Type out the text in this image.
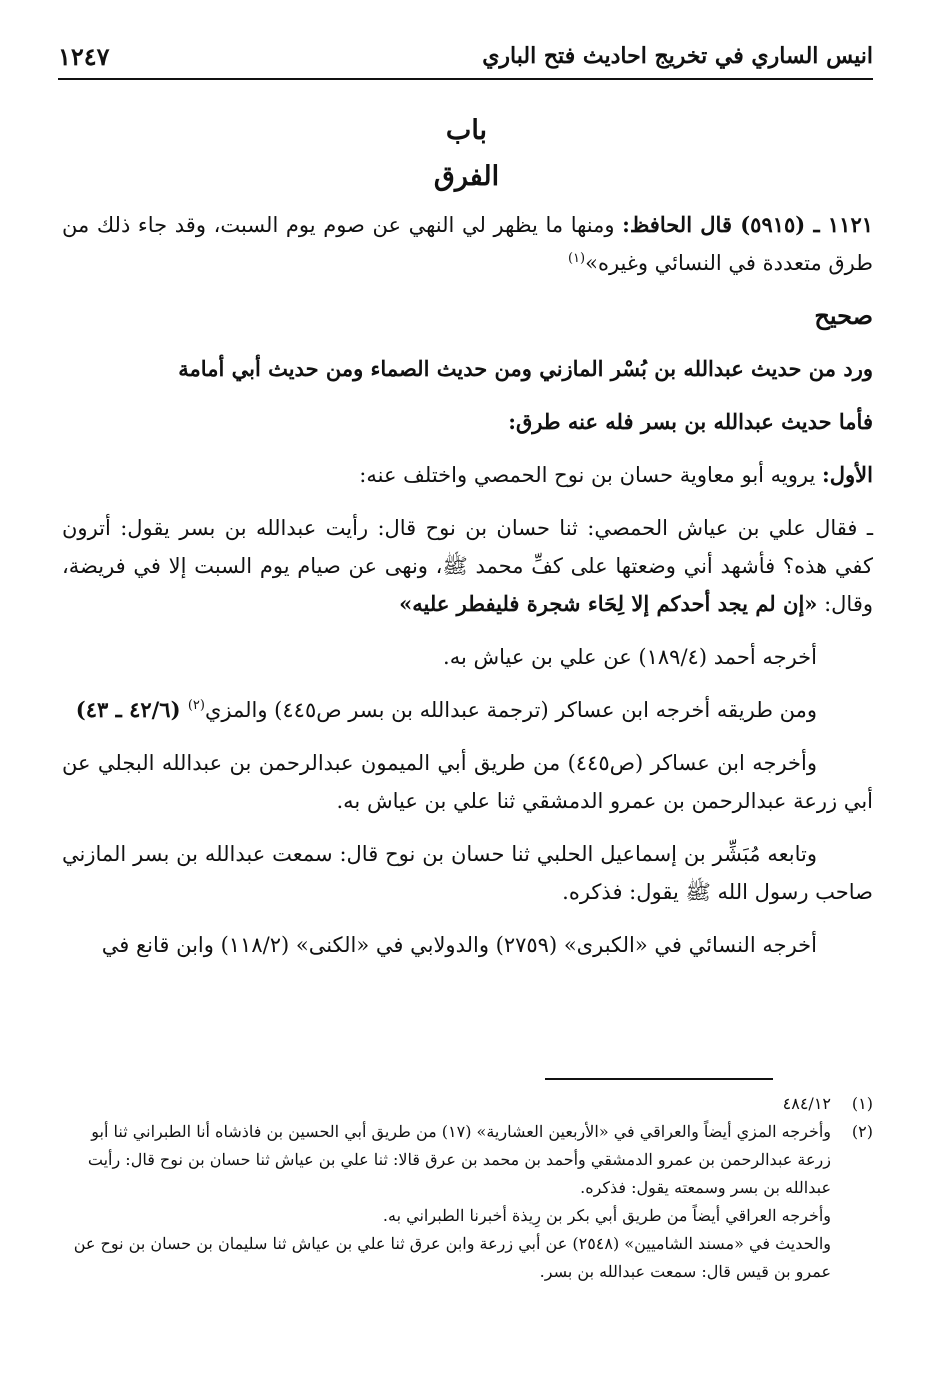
انيس الساري في تخريج احاديث فتح الباري
١٢٤٧
باب
الفرق

١١٢١ ـ (٥٩١٥) قال الحافظ: ومنها ما يظهر لي النهي عن صوم يوم السبت، وقد جاء ذلك من طرق متعددة في النسائي وغيره»$^{(١)}$

صحيح

ورد من حديث عبدالله بن بُسْر المازني ومن حديث الصماء ومن حديث أبي أمامة

فأما حديث عبدالله بن بسر فله عنه طرق:

الأول: يرويه أبو معاوية حسان بن نوح الحمصي واختلف عنه:

ـ فقال علي بن عياش الحمصي: ثنا حسان بن نوح قال: رأيت عبدالله بن بسر يقول: أترون كفي هذه؟ فأشهد أني وضعتها على كفِّ محمد ﷺ، ونهى عن صيام يوم السبت إلا في فريضة، وقال: «إن لم يجد أحدكم إلا لِحَاء شجرة فليفطر عليه»

أخرجه أحمد (١٨٩/٤) عن علي بن عياش به.

ومن طريقه أخرجه ابن عساكر (ترجمة عبدالله بن بسر ص٤٤٥) والمزي$^{(٢)}$ (٤٢/٦ ـ ٤٣)

وأخرجه ابن عساكر (ص٤٤٥) من طريق أبي الميمون عبدالرحمن بن عبدالله البجلي عن أبي زرعة عبدالرحمن بن عمرو الدمشقي ثنا علي بن عياش به.

وتابعه مُبَشِّر بن إسماعيل الحلبي ثنا حسان بن نوح قال: سمعت عبدالله بن بسر المازني صاحب رسول الله ﷺ يقول: فذكره.

أخرجه النسائي في «الكبرى» (٢٧٥٩) والدولابي في «الكنى» (١١٨/٢) وابن قانع في

(١)
٤٨٤/١٢
(٢)
وأخرجه المزي أيضاً والعراقي في «الأربعين العشارية» (١٧) من طريق أبي الحسين بن فاذشاه أنا الطبراني ثنا أبو زرعة عبدالرحمن بن عمرو الدمشقي وأحمد بن محمد بن عرق قالا: ثنا علي بن عياش ثنا حسان بن نوح قال: رأيت عبدالله بن بسر وسمعته يقول: فذكره.
وأخرجه العراقي أيضاً من طريق أبي بكر بن رِيذة أخبرنا الطبراني به.
والحديث في «مسند الشاميين» (٢٥٤٨) عن أبي زرعة وابن عرق ثنا علي بن عياش ثنا سليمان بن حسان بن نوح عن عمرو بن قيس قال: سمعت عبدالله بن بسر.
